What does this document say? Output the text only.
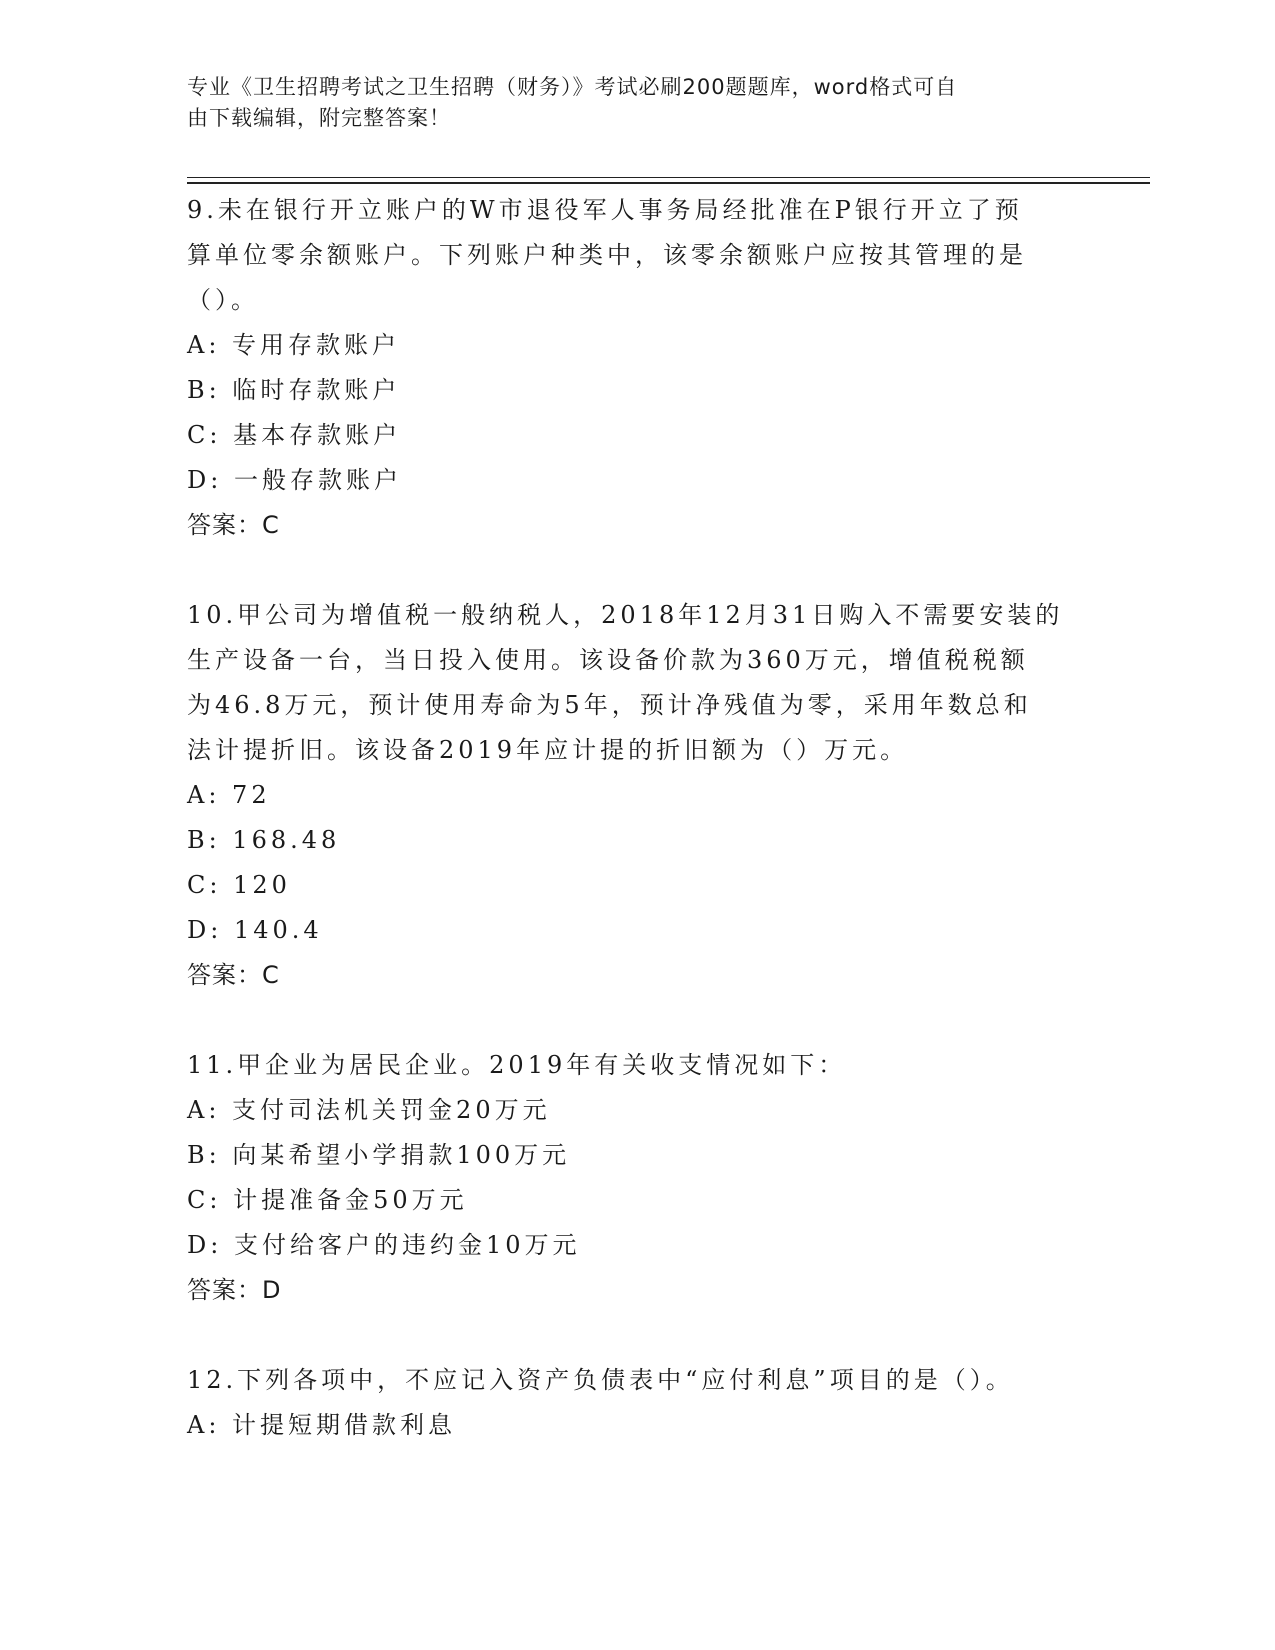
专业《卫生招聘考试之卫生招聘（财务）》考试必刷200题题库，word格式可自
由下载编辑，附完整答案！

9.未在银行开立账户的W市退役军人事务局经批准在P银行开立了预

算单位零余额账户。下列账户种类中，该零余额账户应按其管理的是

（）。

A: 专用存款账户

B: 临时存款账户

C: 基本存款账户

D: 一般存款账户

答案：C

10.甲公司为增值税一般纳税人，2018年12月31日购入不需要安装的

生产设备一台，当日投入使用。该设备价款为360万元，增值税税额

为46.8万元，预计使用寿命为5年，预计净残值为零，采用年数总和

法计提折旧。该设备2019年应计提的折旧额为（）万元。

A: 72

B: 168.48

C: 120

D: 140.4

答案：C

11.甲企业为居民企业。2019年有关收支情况如下：

A: 支付司法机关罚金20万元

B: 向某希望小学捐款100万元

C: 计提准备金50万元

D: 支付给客户的违约金10万元

答案：D

12.下列各项中，不应记入资产负债表中“应付利息”项目的是（）。

A: 计提短期借款利息
